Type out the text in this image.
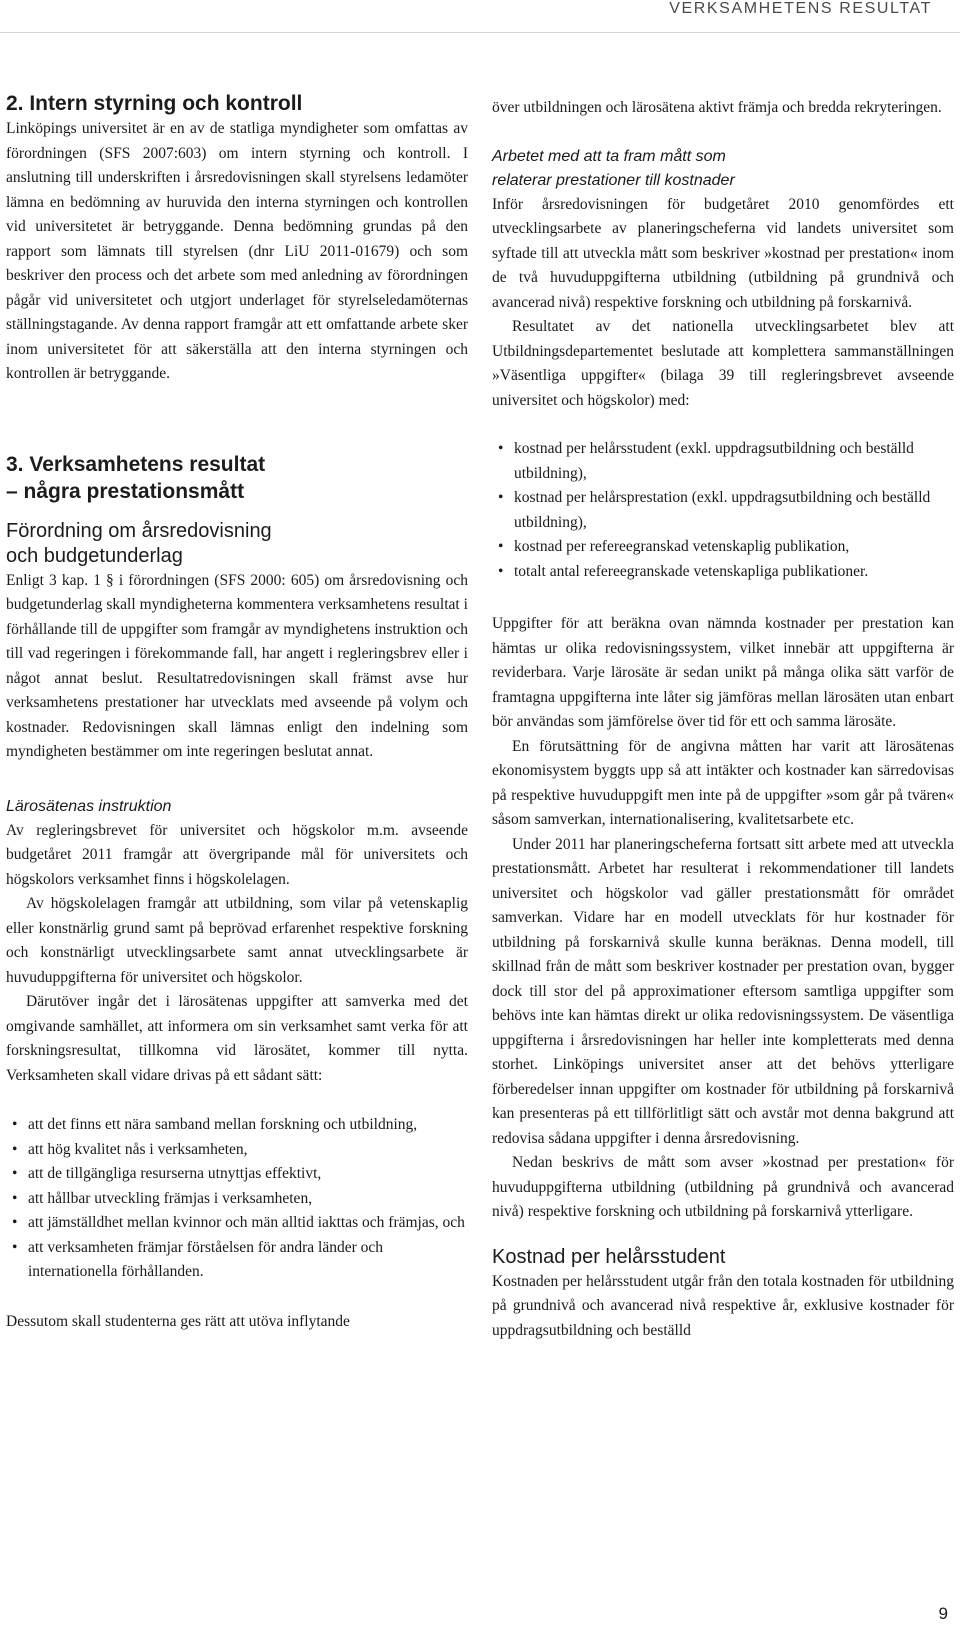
VERKSAMHETENS RESULTAT
2. Intern styrning och kontroll

Linköpings universitet är en av de statliga myndigheter som omfattas av förordningen (SFS 2007:603) om intern styrning och kontroll. I anslutning till underskriften i årsredovisningen skall styrelsens ledamöter lämna en bedömning av huruvida den interna styrningen och kontrollen vid universitetet är betryggande. Denna bedömning grundas på den rapport som lämnats till styrelsen (dnr LiU 2011-01679) och som beskriver den process och det arbete som med anledning av förordningen pågår vid universitetet och utgjort underlaget för styrelseledamöternas ställningstagande. Av denna rapport framgår att ett omfattande arbete sker inom universitetet för att säkerställa att den interna styrningen och kontrollen är betryggande.

3. Verksamhetens resultat
– några prestationsmått
Förordning om årsredovisning
och budgetunderlag

Enligt 3 kap. 1 § i förordningen (SFS 2000: 605) om årsredovisning och budgetunderlag skall myndigheterna kommentera verksamhetens resultat i förhållande till de uppgifter som framgår av myndighetens instruktion och till vad regeringen i förekommande fall, har angett i regleringsbrev eller i något annat beslut. Resultatredovisningen skall främst avse hur verksamhetens prestationer har utvecklats med avseende på volym och kostnader. Redovisningen skall lämnas enligt den indelning som myndigheten bestämmer om inte regeringen beslutat annat.

Lärosätenas instruktion

Av regleringsbrevet för universitet och högskolor m.m. avseende budgetåret 2011 framgår att övergripande mål för universitets och högskolors verksamhet finns i högskolelagen.

Av högskolelagen framgår att utbildning, som vilar på vetenskaplig eller konstnärlig grund samt på beprövad erfarenhet respektive forskning och konstnärligt utvecklingsarbete samt annat utvecklingsarbete är huvuduppgifterna för universitet och högskolor.

Därutöver ingår det i lärosätenas uppgifter att samverka med det omgivande samhället, att informera om sin verksamhet samt verka för att forskningsresultat, tillkomna vid lärosätet, kommer till nytta. Verksamheten skall vidare drivas på ett sådant sätt:

• att det finns ett nära samband mellan forskning och utbildning,
• att hög kvalitet nås i verksamheten,
• att de tillgängliga resurserna utnyttjas effektivt,
• att hållbar utveckling främjas i verksamheten,
• att jämställdhet mellan kvinnor och män alltid iakttas och främjas, och
• att verksamheten främjar förståelsen för andra länder och internationella förhållanden.

Dessutom skall studenterna ges rätt att utöva inflytande

över utbildningen och lärosätena aktivt främja och bredda rekryteringen.

Arbetet med att ta fram mått som
relaterar prestationer till kostnader

Inför årsredovisningen för budgetåret 2010 genomfördes ett utvecklingsarbete av planeringscheferna vid landets universitet som syftade till att utveckla mått som beskriver »kostnad per prestation« inom de två huvuduppgifterna utbildning (utbildning på grundnivå och avancerad nivå) respektive forskning och utbildning på forskarnivå.

Resultatet av det nationella utvecklingsarbetet blev att Utbildningsdepartementet beslutade att komplettera sammanställningen »Väsentliga uppgifter« (bilaga 39 till regleringsbrevet avseende universitet och högskolor) med:

• kostnad per helårsstudent (exkl. uppdragsutbildning och beställd utbildning),
• kostnad per helårsprestation (exkl. uppdragsutbildning och beställd utbildning),
• kostnad per refereegranskad vetenskaplig publikation,
• totalt antal refereegranskade vetenskapliga publikationer.

Uppgifter för att beräkna ovan nämnda kostnader per prestation kan hämtas ur olika redovisningssystem, vilket innebär att uppgifterna är reviderbara. Varje lärosäte är sedan unikt på många olika sätt varför de framtagna uppgifterna inte låter sig jämföras mellan lärosäten utan enbart bör användas som jämförelse över tid för ett och samma lärosäte.

En förutsättning för de angivna måtten har varit att lärosätenas ekonomisystem byggts upp så att intäkter och kostnader kan särredovisas på respektive huvuduppgift men inte på de uppgifter »som går på tvären« såsom samverkan, internationalisering, kvalitetsarbete etc.

Under 2011 har planeringscheferna fortsatt sitt arbete med att utveckla prestationsmått. Arbetet har resulterat i rekommendationer till landets universitet och högskolor vad gäller prestationsmått för området samverkan. Vidare har en modell utvecklats för hur kostnader för utbildning på forskarnivå skulle kunna beräknas. Denna modell, till skillnad från de mått som beskriver kostnader per prestation ovan, bygger dock till stor del på approximationer eftersom samtliga uppgifter som behövs inte kan hämtas direkt ur olika redovisningssystem. De väsentliga uppgifterna i årsredovisningen har heller inte kompletterats med denna storhet. Linköpings universitet anser att det behövs ytterligare förberedelser innan uppgifter om kostnader för utbildning på forskarnivå kan presenteras på ett tillförlitligt sätt och avstår mot denna bakgrund att redovisa sådana uppgifter i denna årsredovisning.

Nedan beskrivs de mått som avser »kostnad per prestation« för huvuduppgifterna utbildning (utbildning på grundnivå och avancerad nivå) respektive forskning och utbildning på forskarnivå ytterligare.

Kostnad per helårsstudent

Kostnaden per helårsstudent utgår från den totala kostnaden för utbildning på grundnivå och avancerad nivå respektive år, exklusive kostnader för uppdragsutbildning och beställd

9
